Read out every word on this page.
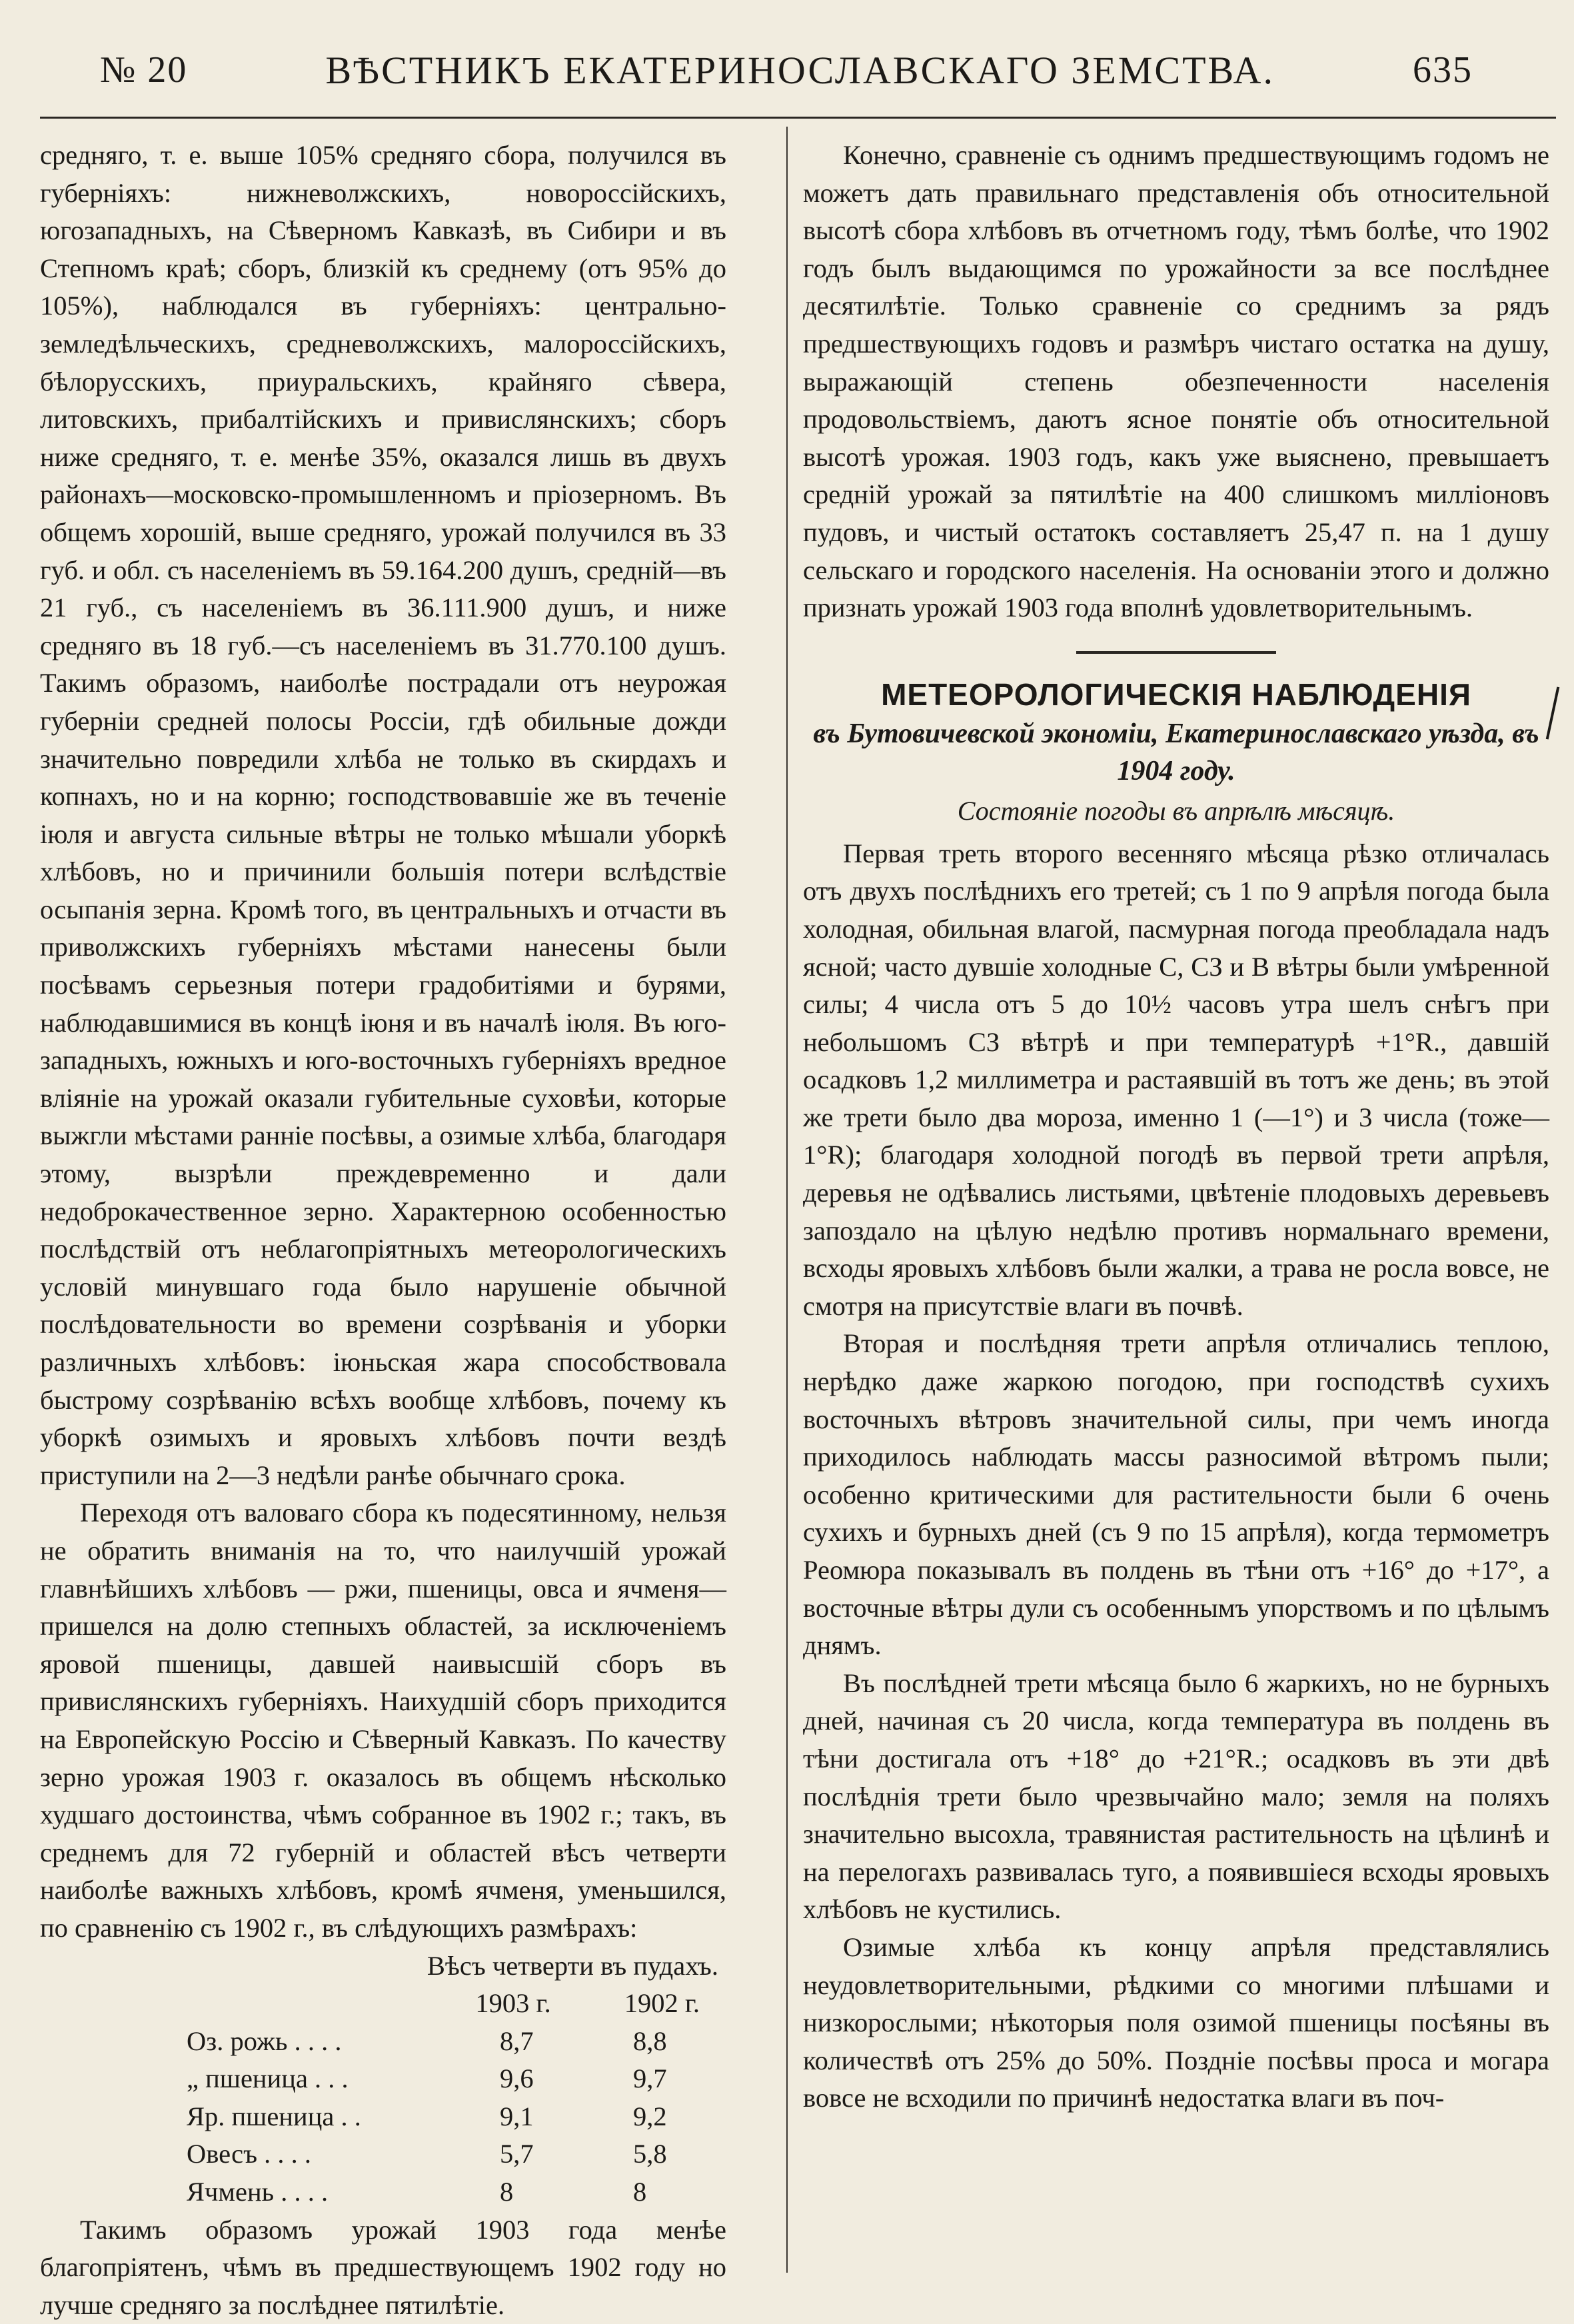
№ 20	ВѢСТНИКЪ ЕКАТЕРИНОСЛАВСКАГО ЗЕМСТВА.	635

средняго, т. е. выше 105% средняго сбора, получился въ губерніяхъ: нижневолжскихъ, новороссійскихъ, югозападныхъ, на Сѣверномъ Кавказѣ, въ Сибири и въ Степномъ краѣ; сборъ, близкій къ среднему (отъ 95% до 105%), наблюдался въ губерніяхъ: центрально-земледѣльческихъ, средневолжскихъ, малороссійскихъ, бѣлорусскихъ, приуральскихъ, крайняго сѣвера, литовскихъ, прибалтійскихъ и привислянскихъ; сборъ ниже средняго, т. е. менѣе 35%, оказался лишь въ двухъ районахъ—московско-промышленномъ и пріозерномъ. Въ общемъ хорошій, выше средняго, урожай получился въ 33 губ. и обл. съ населеніемъ въ 59.164.200 душъ, средній—въ 21 губ., съ населеніемъ въ 36.111.900 душъ, и ниже средняго въ 18 губ.—съ населеніемъ въ 31.770.100 душъ. Такимъ образомъ, наиболѣе пострадали отъ неурожая губерніи средней полосы Россіи, гдѣ обильные дожди значительно повредили хлѣба не только въ скирдахъ и копнахъ, но и на корню; господствовавшіе же въ теченіе іюля и августа сильные вѣтры не только мѣшали уборкѣ хлѣбовъ, но и причинили большія потери вслѣдствіе осыпанія зерна. Кромѣ того, въ центральныхъ и отчасти въ приволжскихъ губерніяхъ мѣстами нанесены были посѣвамъ серьезныя потери градобитіями и бурями, наблюдавшимися въ концѣ іюня и въ началѣ іюля. Въ юго-западныхъ, южныхъ и юго-восточныхъ губерніяхъ вредное вліяніе на урожай оказали губительные суховѣи, которые выжгли мѣстами ранніе посѣвы, а озимые хлѣба, благодаря этому, вызрѣли преждевременно и дали недоброкачественное зерно. Характерною особенностью послѣдствій отъ неблагопріятныхъ метеорологическихъ условій минувшаго года было нарушеніе обычной послѣдовательности во времени созрѣванія и уборки различныхъ хлѣбовъ: іюньская жара способствовала быстрому созрѣванію всѣхъ вообще хлѣбовъ, почему къ уборкѣ озимыхъ и яровыхъ хлѣбовъ почти вездѣ приступили на 2—3 недѣли ранѣе обычнаго срока.

Переходя отъ валоваго сбора къ подесятинному, нельзя не обратить вниманія на то, что наилучшій урожай главнѣйшихъ хлѣбовъ — ржи, пшеницы, овса и ячменя—пришелся на долю степныхъ областей, за исключеніемъ яровой пшеницы, давшей наивысшій сборъ въ привислянскихъ губерніяхъ. Наихудшій сборъ приходится на Европейскую Россію и Сѣверный Кавказъ. По качеству зерно урожая 1903 г. оказалось въ общемъ нѣсколько худшаго достоинства, чѣмъ собранное въ 1902 г.; такъ, въ среднемъ для 72 губерній и областей вѣсъ четверти наиболѣе важныхъ хлѣбовъ, кромѣ ячменя, уменьшился, по сравненію съ 1902 г., въ слѣдующихъ размѣрахъ:

Вѣсъ четверти въ пудахъ.
1903 г.	1902 г.
Оз. рожь . . . .	8,7	8,8
„ пшеница . . .	9,6	9,7
Яр. пшеница . .	9,1	9,2
Овесъ . . . .	5,7	5,8
Ячмень . . . .	8	8

Такимъ образомъ урожай 1903 года менѣе благопріятенъ, чѣмъ въ предшествующемъ 1902 году но лучше средняго за послѣднее пятилѣтіе.

Конечно, сравненіе съ однимъ предшествующимъ годомъ не можетъ дать правильнаго представленія объ относительной высотѣ сбора хлѣбовъ въ отчетномъ году, тѣмъ болѣе, что 1902 годъ былъ выдающимся по урожайности за все послѣднее десятилѣтіе. Только сравненіе со среднимъ за рядъ предшествующихъ годовъ и размѣръ чистаго остатка на душу, выражающій степень обезпеченности населенія продовольствіемъ, даютъ ясное понятіе объ относительной высотѣ урожая. 1903 годъ, какъ уже выяснено, превышаетъ средній урожай за пятилѣтіе на 400 слишкомъ милліоновъ пудовъ, и чистый остатокъ составляетъ 25,47 п. на 1 душу сельскаго и городского населенія. На основаніи этого и должно признать урожай 1903 года вполнѣ удовлетворительнымъ.

МЕТЕОРОЛОГИЧЕСКІЯ НАБЛЮДЕНІЯ
въ Бутовичевской экономіи, Екатеринославскаго уѣзда, въ 1904 году.
Состояніе погоды въ апрѣлѣ мѣсяцѣ.

Первая треть второго весенняго мѣсяца рѣзко отличалась отъ двухъ послѣднихъ его третей; съ 1 по 9 апрѣля погода была холодная, обильная влагой, пасмурная погода преобладала надъ ясной; часто дувшіе холодные С, СЗ и В вѣтры были умѣренной силы; 4 числа отъ 5 до 10½ часовъ утра шелъ снѣгъ при небольшомъ СЗ вѣтрѣ и при температурѣ +1°R., давшій осадковъ 1,2 миллиметра и растаявшій въ тотъ же день; въ этой же трети было два мороза, именно 1 (—1°) и 3 числа (тоже—1°R); благодаря холодной погодѣ въ первой трети апрѣля, деревья не одѣвались листьями, цвѣтеніе плодовыхъ деревьевъ запоздало на цѣлую недѣлю противъ нормальнаго времени, всходы яровыхъ хлѣбовъ были жалки, а трава не росла вовсе, не смотря на присутствіе влаги въ почвѣ.

Вторая и послѣдняя трети апрѣля отличались теплою, нерѣдко даже жаркою погодою, при господствѣ сухихъ восточныхъ вѣтровъ значительной силы, при чемъ иногда приходилось наблюдать массы разносимой вѣтромъ пыли; особенно критическими для растительности были 6 очень сухихъ и бурныхъ дней (съ 9 по 15 апрѣля), когда термометръ Реомюра показывалъ въ полдень въ тѣни отъ +16° до +17°, а восточные вѣтры дули съ особеннымъ упорствомъ и по цѣлымъ днямъ.

Въ послѣдней трети мѣсяца было 6 жаркихъ, но не бурныхъ дней, начиная съ 20 числа, когда температура въ полдень въ тѣни достигала отъ +18° до +21°R.; осадковъ въ эти двѣ послѣднія трети было чрезвычайно мало; земля на поляхъ значительно высохла, травянистая растительность на цѣлинѣ и на перелогахъ развивалась туго, а появившіеся всходы яровыхъ хлѣбовъ не кустились.

Озимые хлѣба къ концу апрѣля представлялись неудовлетворительными, рѣдкими со многими плѣшами и низкорослыми; нѣкоторыя поля озимой пшеницы посѣяны въ количествѣ отъ 25% до 50%. Поздніе посѣвы проса и могара вовсе не всходили по причинѣ недостатка влаги въ поч-
